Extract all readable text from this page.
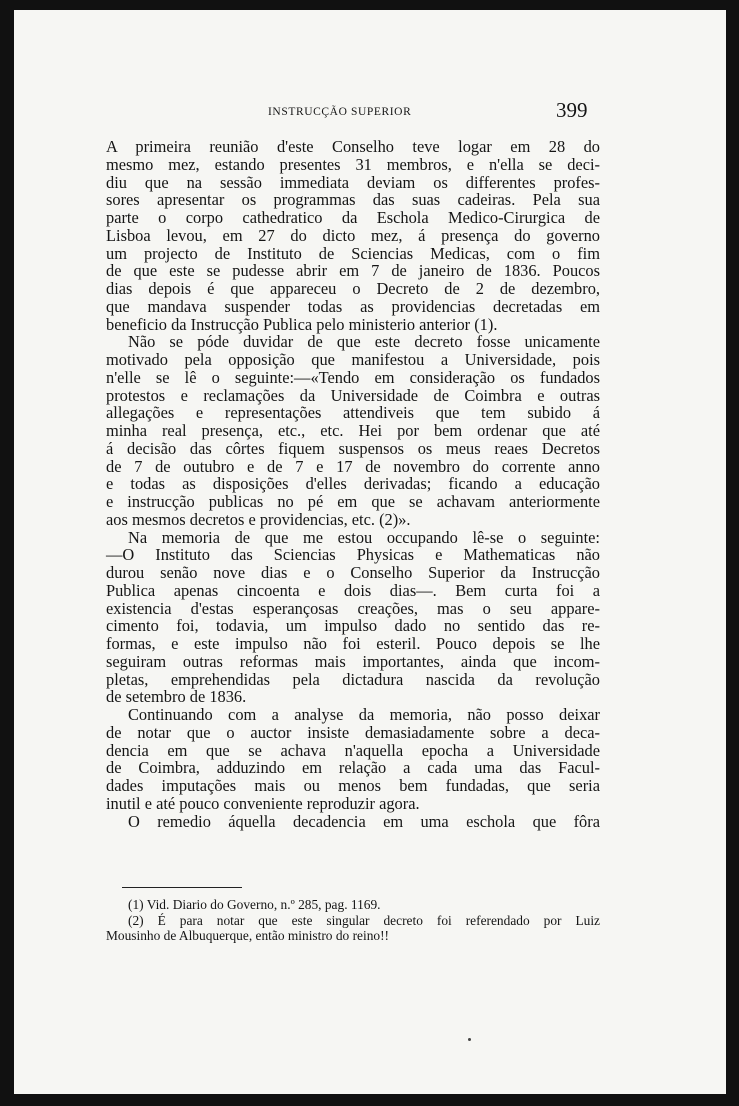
INSTRUCÇÃO SUPERIOR	399

A primeira reunião d'este Conselho teve logar em 28 do
mesmo mez, estando presentes 31 membros, e n'ella se deci-
diu que na sessão immediata deviam os differentes profes-
sores apresentar os programmas das suas cadeiras. Pela sua
parte o corpo cathedratico da Eschola Medico-Cirurgica de
Lisboa levou, em 27 do dicto mez, á presença do governo
um projecto de Instituto de Sciencias Medicas, com o fim
de que este se pudesse abrir em 7 de janeiro de 1836. Poucos
dias depois é que appareceu o Decreto de 2 de dezembro,
que mandava suspender todas as providencias decretadas em
beneficio da Instrucção Publica pelo ministerio anterior (1).

Não se póde duvidar de que este decreto fosse unicamente
motivado pela opposição que manifestou a Universidade, pois
n'elle se lê o seguinte:—«Tendo em consideração os fundados
protestos e reclamações da Universidade de Coimbra e outras
allegações e representações attendiveis que tem subido á
minha real presença, etc., etc. Hei por bem ordenar que até
á decisão das côrtes fiquem suspensos os meus reaes Decretos
de 7 de outubro e de 7 e 17 de novembro do corrente anno
e todas as disposições d'elles derivadas; ficando a educação
e instrucção publicas no pé em que se achavam anteriormente
aos mesmos decretos e providencias, etc. (2)».

Na memoria de que me estou occupando lê-se o seguinte:
—O Instituto das Sciencias Physicas e Mathematicas não
durou senão nove dias e o Conselho Superior da Instrucção
Publica apenas cincoenta e dois dias—. Bem curta foi a
existencia d'estas esperançosas creações, mas o seu appare-
cimento foi, todavia, um impulso dado no sentido das re-
formas, e este impulso não foi esteril. Pouco depois se lhe
seguiram outras reformas mais importantes, ainda que incom-
pletas, emprehendidas pela dictadura nascida da revolução
de setembro de 1836.

Continuando com a analyse da memoria, não posso deixar
de notar que o auctor insiste demasiadamente sobre a deca-
dencia em que se achava n'aquella epocha a Universidade
de Coimbra, adduzindo em relação a cada uma das Facul-
dades imputações mais ou menos bem fundadas, que seria
inutil e até pouco conveniente reproduzir agora.

O remedio áquella decadencia em uma eschola que fôra

(1) Vid. Diario do Governo, n.º 285, pag. 1169.
(2) É para notar que este singular decreto foi referendado por Luiz
Mousinho de Albuquerque, então ministro do reino!!
